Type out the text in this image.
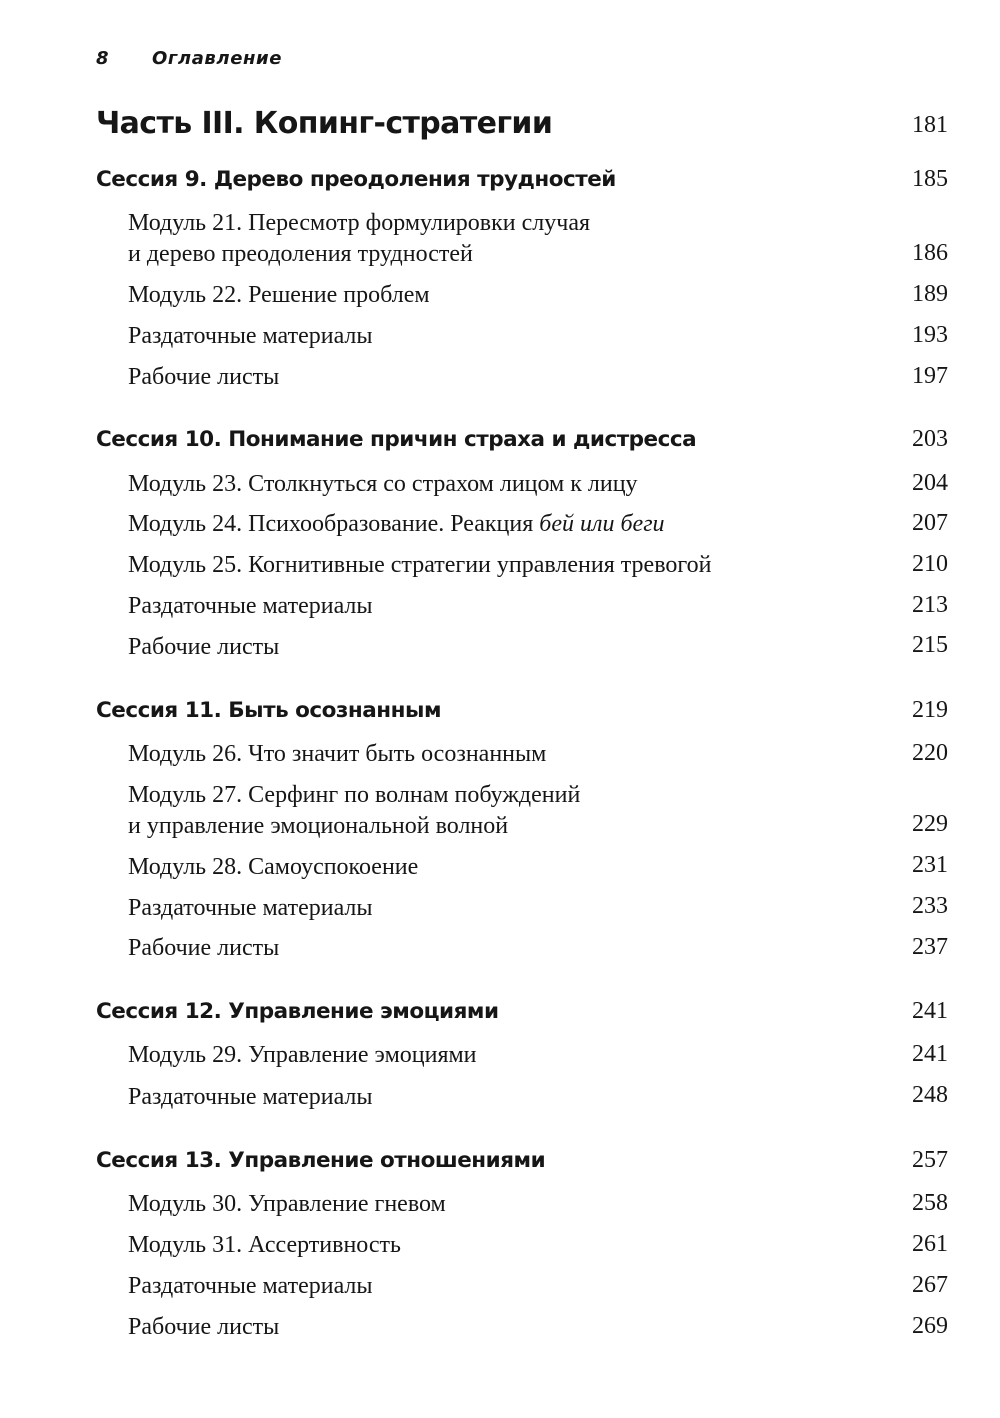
8 Оглавление
Часть III. Копинг-стратегии	181
Сессия 9. Дерево преодоления трудностей	185
Модуль 21. Пересмотр формулировки случая
и дерево преодоления трудностей	186
Модуль 22. Решение проблем	189
Раздаточные материалы	193
Рабочие листы	197
Сессия 10. Понимание причин страха и дистресса	203
Модуль 23. Столкнуться со страхом лицом к лицу	204
Модуль 24. Психообразование. Реакция бей или беги	207
Модуль 25. Когнитивные стратегии управления тревогой	210
Раздаточные материалы	213
Рабочие листы	215
Сессия 11. Быть осознанным	219
Модуль 26. Что значит быть осознанным	220
Модуль 27. Серфинг по волнам побуждений
и управление эмоциональной волной	229
Модуль 28. Самоуспокоение	231
Раздаточные материалы	233
Рабочие листы	237
Сессия 12. Управление эмоциями	241
Модуль 29. Управление эмоциями	241
Раздаточные материалы	248
Сессия 13. Управление отношениями	257
Модуль 30. Управление гневом	258
Модуль 31. Ассертивность	261
Раздаточные материалы	267
Рабочие листы	269
